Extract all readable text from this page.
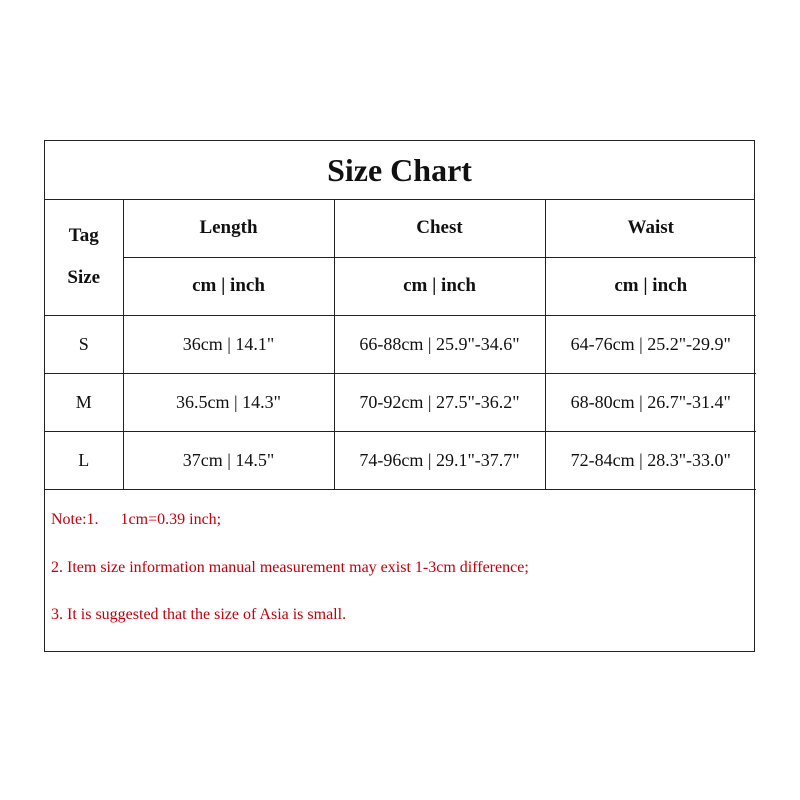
Size Chart
Tag
Size	Length	Chest	Waist
	cm | inch	cm | inch	cm | inch
S	36cm | 14.1"	66-88cm | 25.9"-34.6"	64-76cm | 25.2"-29.9"
M	36.5cm | 14.3"	70-92cm | 27.5"-36.2"	68-80cm | 26.7"-31.4"
L	37cm | 14.5"	74-96cm | 29.1"-37.7"	72-84cm | 28.3"-33.0"
Note:1. 1cm=0.39 inch;
2. Item size information manual measurement may exist 1-3cm difference;
3. It is suggested that the size of Asia is small.
